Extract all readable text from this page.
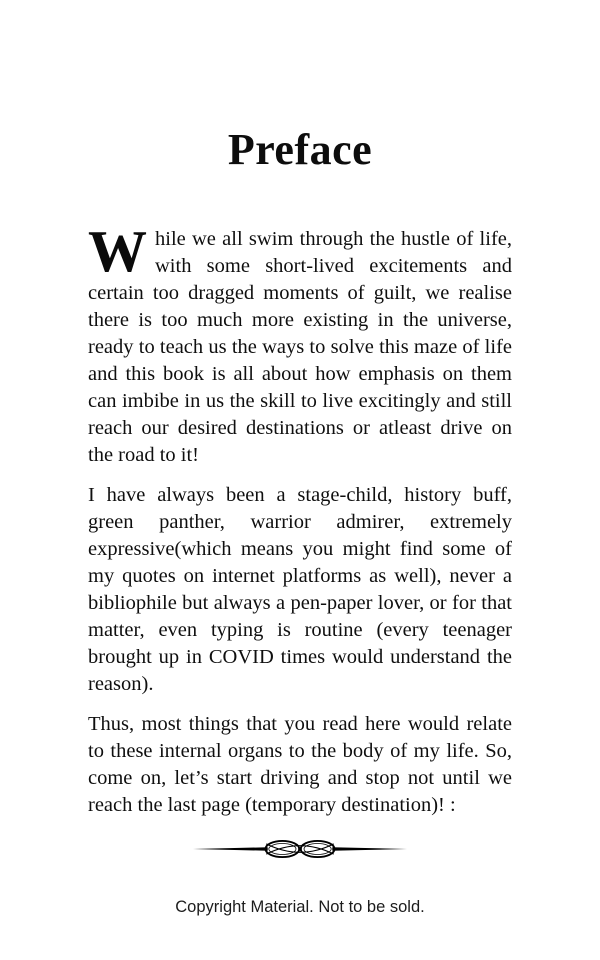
Preface

While we all swim through the hustle of life, with some short-lived excitements and certain too dragged moments of guilt, we realise there is too much more existing in the universe, ready to teach us the ways to solve this maze of life and this book is all about how emphasis on them can imbibe in us the skill to live excitingly and still reach our desired destinations or atleast drive on the road to it!

I have always been a stage-child, history buff, green panther, warrior admirer, extremely expressive(which means you might find some of my quotes on internet platforms as well), never a bibliophile but always a pen-paper lover, or for that matter, even typing is routine (every teenager brought up in COVID times would understand the reason).

Thus, most things that you read here would relate to these internal organs to the body of my life. So, come on, let’s start driving and stop not until we reach the last page (temporary destination)! :

Copyright Material. Not to be sold.
